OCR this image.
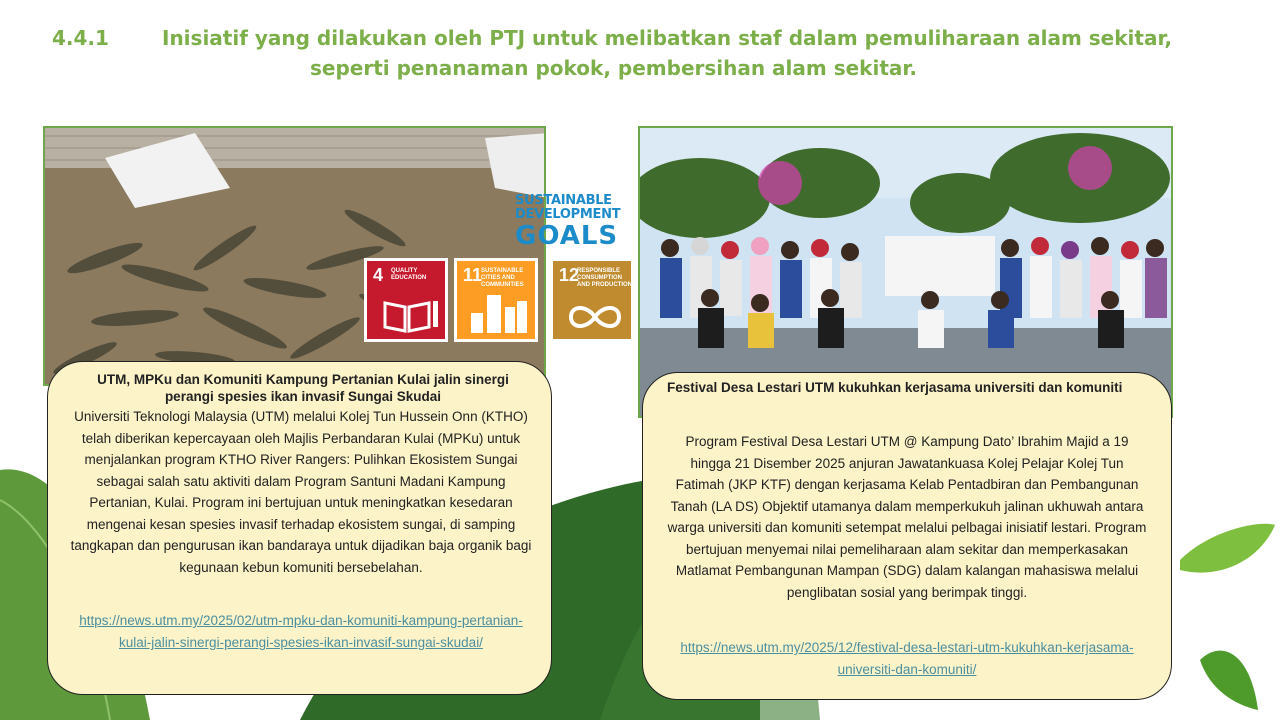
4.4.1	Inisiatif yang dilakukan oleh PTJ untuk melibatkan staf dalam pemuliharaan alam sekitar,
seperti penanaman pokok, pembersihan alam sekitar.
SUSTAINABLE
DEVELOPMENT
GOALS
4 QUALITY EDUCATION	11
SUSTAINABLE CITIES AND COMMUNITIES	12
RESPONSIBLE CONSUMPTION AND PRODUCTION
UTM, MPKu dan Komuniti Kampung Pertanian Kulai jalin sinergi perangi spesies ikan invasif Sungai Skudai
Universiti Teknologi Malaysia (UTM) melalui Kolej Tun Hussein Onn (KTHO) telah diberikan kepercayaan oleh Majlis Perbandaran Kulai (MPKu) untuk menjalankan program KTHO River Rangers: Pulihkan Ekosistem Sungai sebagai salah satu aktiviti dalam Program Santuni Madani Kampung Pertanian, Kulai. Program ini bertujuan untuk meningkatkan kesedaran mengenai kesan spesies invasif terhadap ekosistem sungai, di samping tangkapan dan pengurusan ikan bandaraya untuk dijadikan baja organik bagi kegunaan kebun komuniti bersebelahan.
https://news.utm.my/2025/02/utm-mpku-dan-komuniti-kampung-pertanian-kulai-jalin-sinergi-perangi-spesies-ikan-invasif-sungai-skudai/
Festival Desa Lestari UTM kukuhkan kerjasama universiti dan komuniti
Program Festival Desa Lestari UTM @ Kampung Dato’ Ibrahim Majid a 19 hingga 21 Disember 2025 anjuran Jawatankuasa Kolej Pelajar Kolej Tun Fatimah (JKP KTF) dengan kerjasama Kelab Pentadbiran dan Pembangunan Tanah (LA DS) Objektif utamanya dalam memperkukuh jalinan ukhuwah antara warga universiti dan komuniti setempat melalui pelbagai inisiatif lestari. Program bertujuan menyemai nilai pemeliharaan alam sekitar dan memperkasakan Matlamat Pembangunan Mampan (SDG) dalam kalangan mahasiswa melalui penglibatan sosial yang berimpak tinggi.
https://news.utm.my/2025/12/festival-desa-lestari-utm-kukuhkan-kerjasama-universiti-dan-komuniti/
